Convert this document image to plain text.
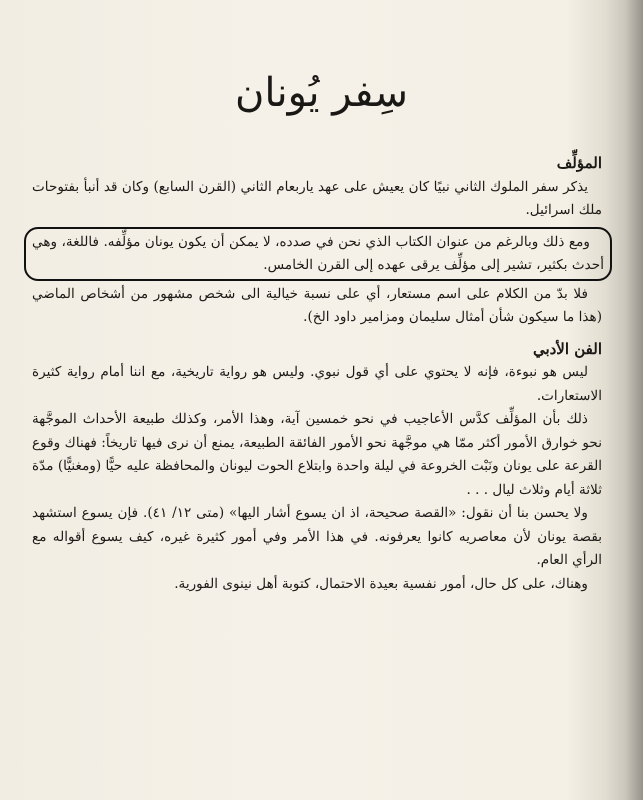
سِفر يُونان

المؤلِّف

يذكر سفر الملوك الثاني نبيًا كان يعيش على عهد ياربعام الثاني (القرن السابع) وكان قد أنبأ بفتوحات ملك اسرائيل.

ومع ذلك وبالرغم من عنوان الكتاب الذي نحن في صدده، لا يمكن أن يكون يونان مؤلِّفه. فاللغة، وهي أحدث بكثير، تشير إلى مؤلِّف يرقى عهده إلى القرن الخامس.

فلا بدّ من الكلام على اسم مستعار، أي على نسبة خيالية الى شخص مشهور من أشخاص الماضي (هذا ما سيكون شأن أمثال سليمان ومزامير داود الخ).

الفن الأدبي

ليس هو نبوءة، فإنه لا يحتوي على أي قول نبوي. وليس هو رواية تاريخية، مع اننا أمام رواية كثيرة الاستعارات.

ذلك بأن المؤلِّف كدَّس الأعاجيب في نحو خمسين آية، وهذا الأمر، وكذلك طبيعة الأحداث الموجَّهة نحو خوارق الأمور أكثر ممّا هي موجَّهة نحو الأمور الفائقة الطبيعة، يمنع أن نرى فيها تاريخاً: فهناك وقوع القرعة على يونان ونَبْت الخروعة في ليلة واحدة وابتلاع الحوت ليونان والمحافظة عليه حيًّا (ومغنيًّا) مدّة ثلاثة أيام وثلاث ليال . . .

ولا يحسن بنا أن نقول: «القصة صحيحة، اذ ان يسوع أشار اليها» (متى ١٢/ ٤١). فإن يسوع استشهد بقصة يونان لأن معاصريه كانوا يعرفونه. في هذا الأمر وفي أمور كثيرة غيره، كيف يسوع أقواله مع الرأي العام.

وهناك، على كل حال، أمور نفسية بعيدة الاحتمال، كتوبة أهل نينوى الفورية.
